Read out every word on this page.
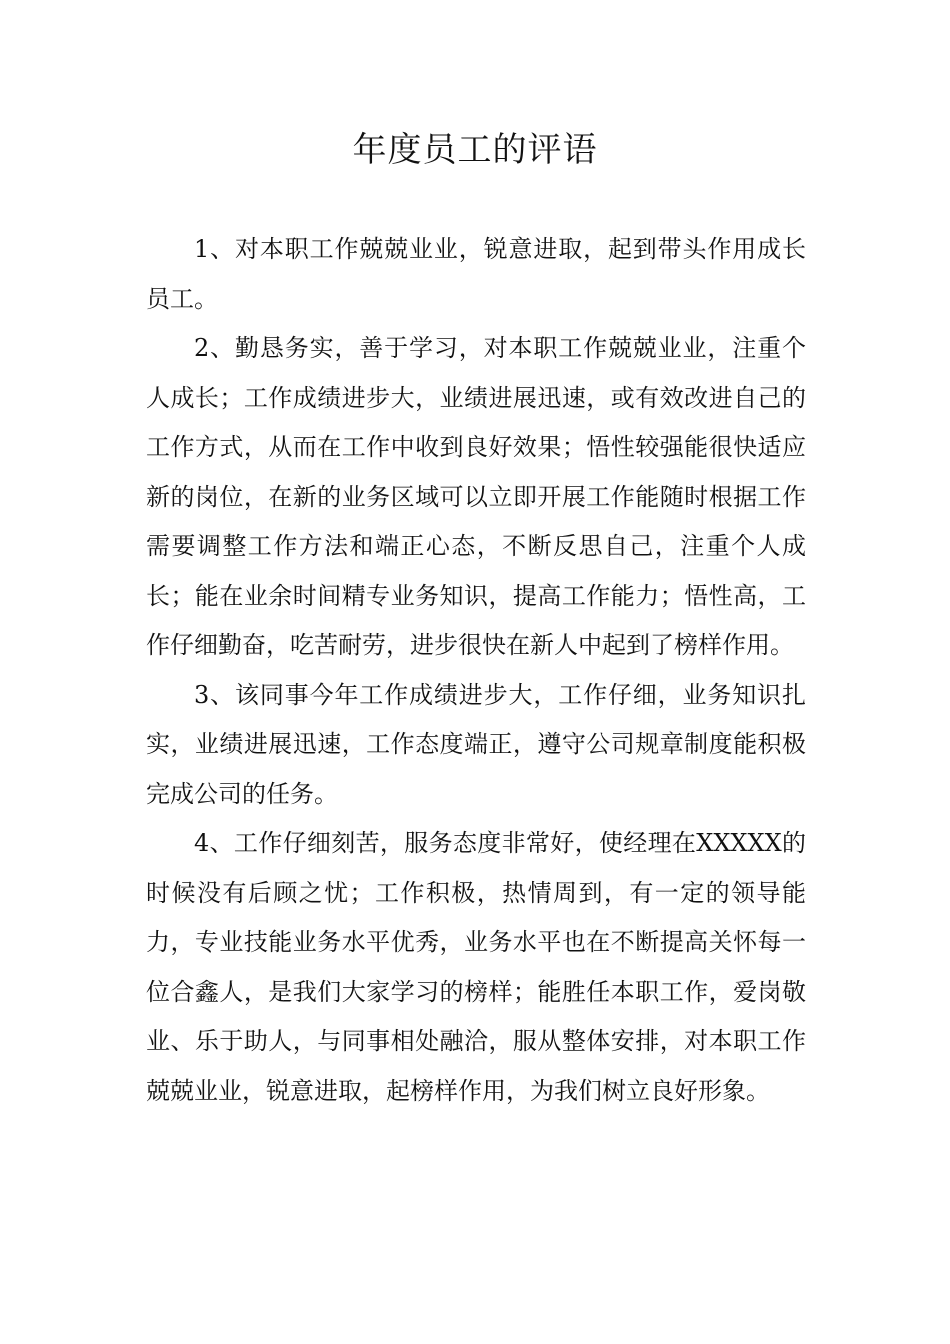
年度员工的评语

1、对本职工作兢兢业业，锐意进取，起到带头作用成长员工。

2、勤恳务实，善于学习，对本职工作兢兢业业，注重个人成长；工作成绩进步大，业绩进展迅速，或有效改进自己的工作方式，从而在工作中收到良好效果；悟性较强能很快适应新的岗位，在新的业务区域可以立即开展工作能随时根据工作需要调整工作方法和端正心态，不断反思自己，注重个人成长；能在业余时间精专业务知识，提高工作能力；悟性高，工作仔细勤奋，吃苦耐劳，进步很快在新人中起到了榜样作用。

3、该同事今年工作成绩进步大，工作仔细，业务知识扎实，业绩进展迅速，工作态度端正，遵守公司规章制度能积极完成公司的任务。

4、工作仔细刻苦，服务态度非常好，使经理在XXXXX的时候没有后顾之忧；工作积极，热情周到，有一定的领导能力，专业技能业务水平优秀，业务水平也在不断提高关怀每一位合鑫人，是我们大家学习的榜样；能胜任本职工作，爱岗敬业、乐于助人，与同事相处融洽，服从整体安排，对本职工作兢兢业业，锐意进取，起榜样作用，为我们树立良好形象。
